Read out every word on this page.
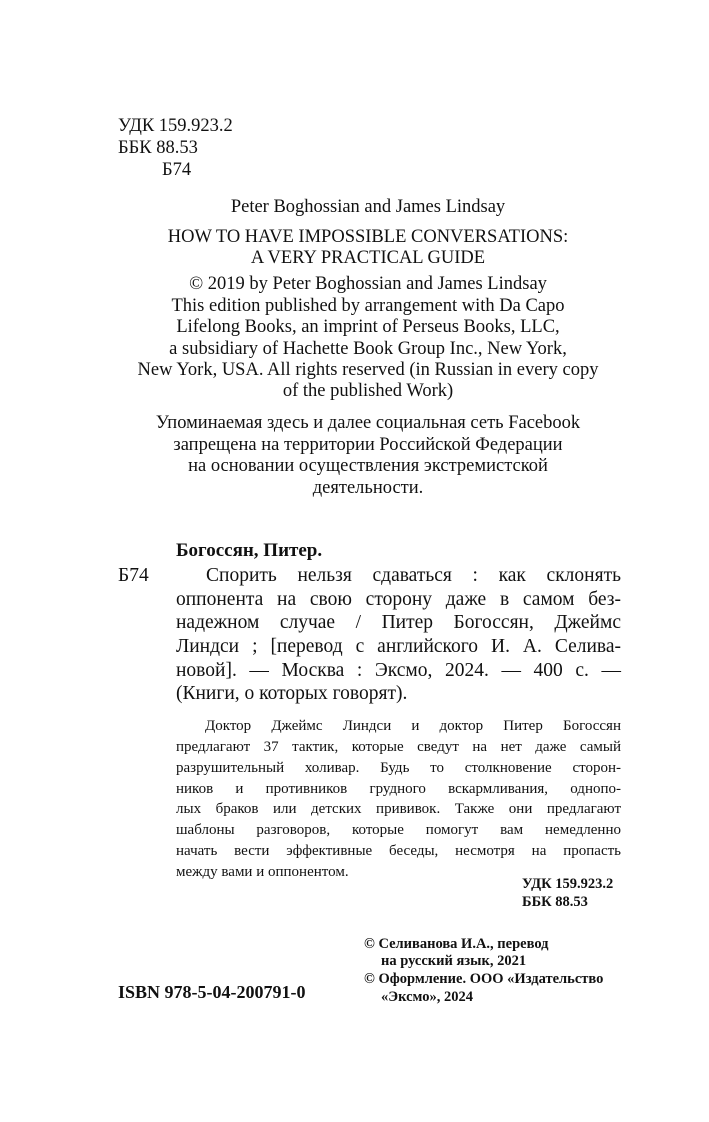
УДК 159.923.2
ББК 88.53
Б74
Peter Boghossian and James Lindsay
HOW TO HAVE IMPOSSIBLE CONVERSATIONS:
A VERY PRACTICAL GUIDE
© 2019 by Peter Boghossian and James Lindsay
This edition published by arrangement with Da Capo
Lifelong Books, an imprint of Perseus Books, LLC,
a subsidiary of Hachette Book Group Inc., New York,
New York, USA. All rights reserved (in Russian in every copy
of the published Work)
Упоминаемая здесь и далее социальная сеть Facebook
запрещена на территории Российской Федерации
на основании осуществления экстремистской
деятельности.
Богоссян, Питер.
Б74	Спорить нельзя сдаваться : как склонять
оппонента на свою сторону даже в самом без-
надежном случае / Питер Богоссян, Джеймс
Линдси ; [перевод с английского И. А. Селива-
новой]. — Москва : Эксмо, 2024. — 400 с. —
(Книги, о которых говорят).
Доктор Джеймс Линдси и доктор Питер Богоссян
предлагают 37 тактик, которые сведут на нет даже самый
разрушительный холивар. Будь то столкновение сторон-
ников и противников грудного вскармливания, однопо-
лых браков или детских прививок. Также они предлагают
шаблоны разговоров, которые помогут вам немедленно
начать вести эффективные беседы, несмотря на пропасть
между вами и оппонентом.
УДК 159.923.2
ББК 88.53
© Селиванова И.А., перевод
на русский язык, 2021
© Оформление. ООО «Издательство
«Эксмо», 2024
ISBN 978-5-04-200791-0
